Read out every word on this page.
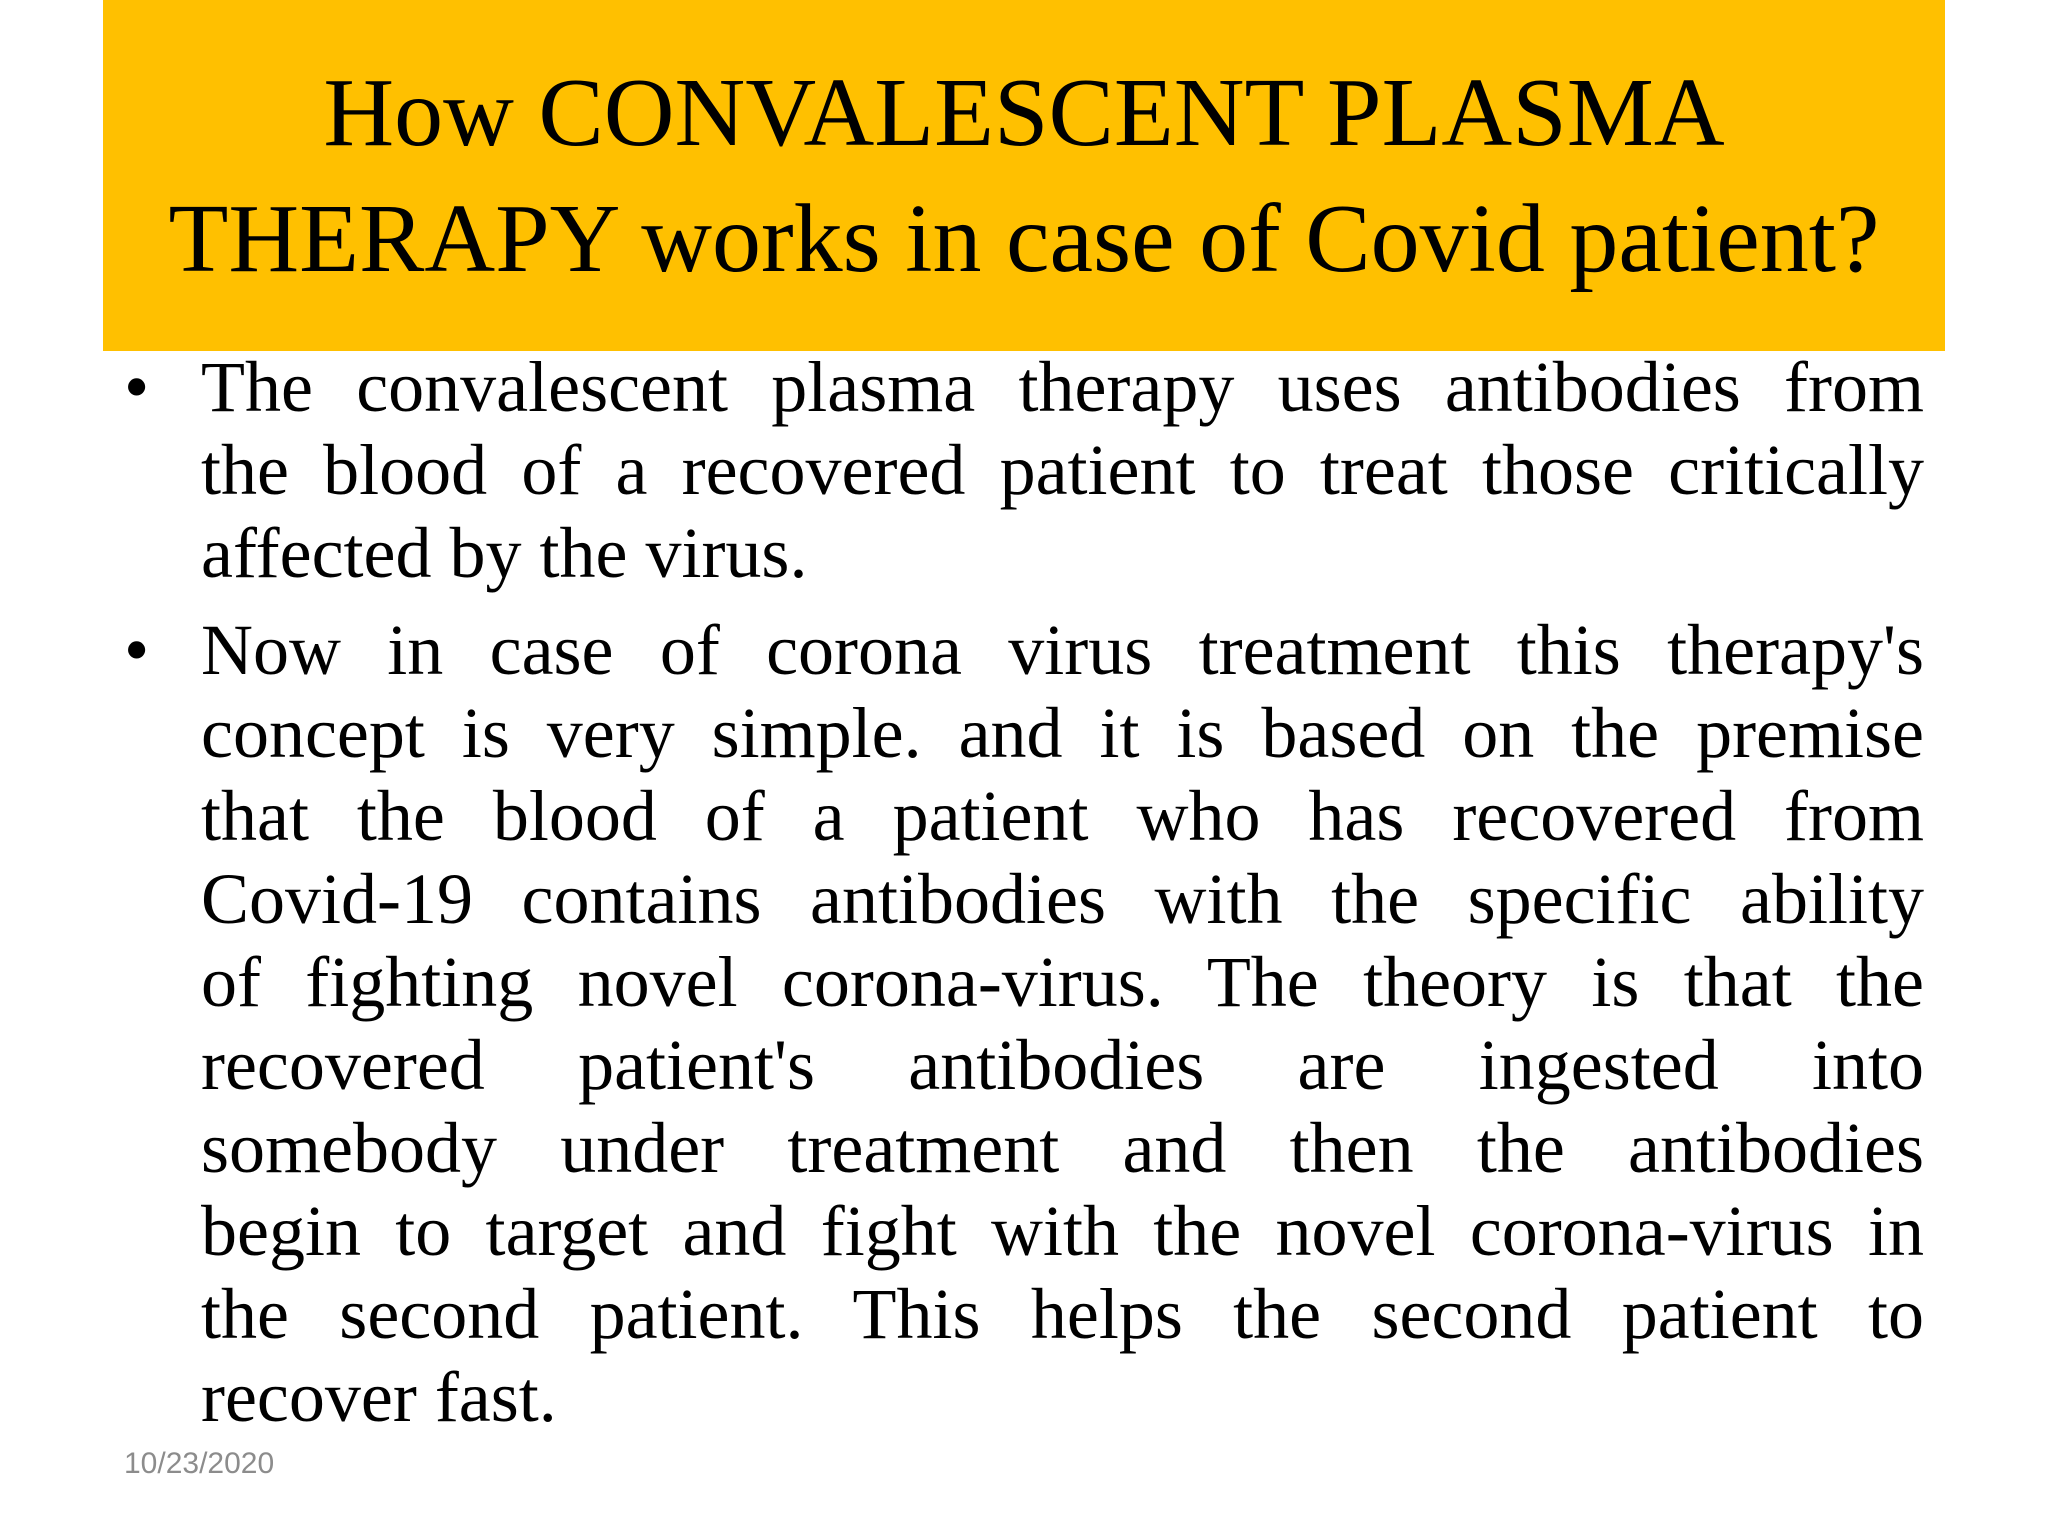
How CONVALESCENT PLASMA
THERAPY works in case of Covid patient?
• The convalescent plasma therapy uses antibodies from
the blood of a recovered patient to treat those critically
affected by the virus.
• Now in case of corona virus treatment this therapy's
concept is very simple. and it is based on the premise
that the blood of a patient who has recovered from
Covid-19 contains antibodies with the specific ability
of fighting novel corona-virus. The theory is that the
recovered patient's antibodies are ingested into
somebody under treatment and then the antibodies
begin to target and fight with the novel corona-virus in
the second patient. This helps the second patient to
recover fast.
10/23/2020
